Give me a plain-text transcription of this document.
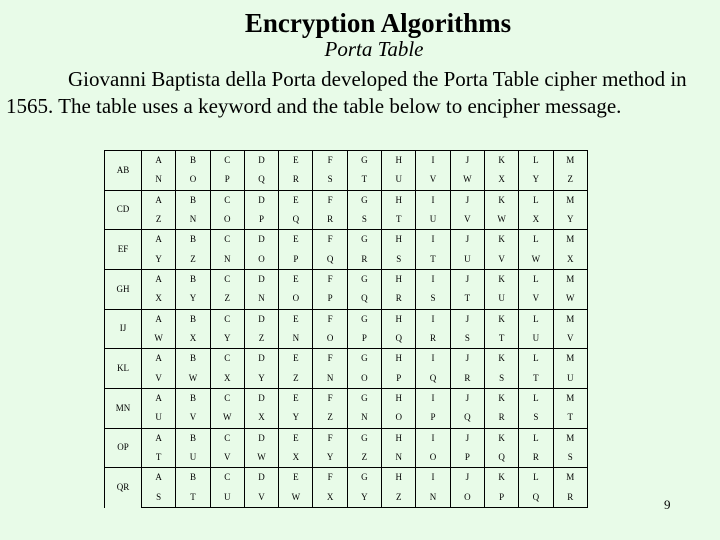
Encryption Algorithms
Porta Table

Giovanni Baptista della Porta developed the Porta Table cipher method in 1565. The table uses a keyword and the table below to encipher message.

AB	A	B	C	D	E	F	G	H	I	J	K	L	M
	N	O	P	Q	R	S	T	U	V	W	X	Y	Z
CD	A	B	C	D	E	F	G	H	I	J	K	L	M
	Z	N	O	P	Q	R	S	T	U	V	W	X	Y
EF	A	B	C	D	E	F	G	H	I	J	K	L	M
	Y	Z	N	O	P	Q	R	S	T	U	V	W	X
GH	A	B	C	D	E	F	G	H	I	J	K	L	M
	X	Y	Z	N	O	P	Q	R	S	T	U	V	W
IJ	A	B	C	D	E	F	G	H	I	J	K	L	M
	W	X	Y	Z	N	O	P	Q	R	S	T	U	V
KL	A	B	C	D	E	F	G	H	I	J	K	L	M
	V	W	X	Y	Z	N	O	P	Q	R	S	T	U
MN	A	B	C	D	E	F	G	H	I	J	K	L	M
	U	V	W	X	Y	Z	N	O	P	Q	R	S	T
OP	A	B	C	D	E	F	G	H	I	J	K	L	M
	T	U	V	W	X	Y	Z	N	O	P	Q	R	S
QR	A	B	C	D	E	F	G	H	I	J	K	L	M
	S	T	U	V	W	X	Y	Z	N	O	P	Q	R
9
